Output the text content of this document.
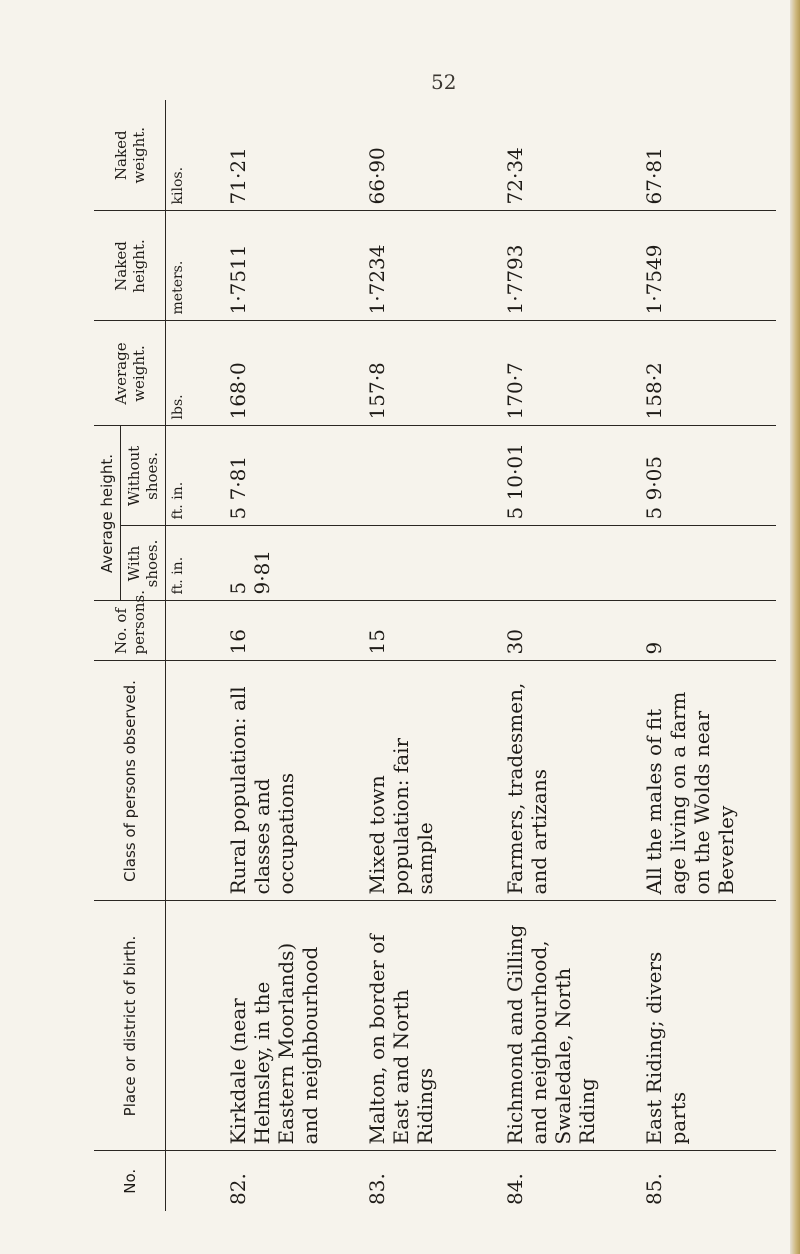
52
No.	Place or district of birth.	Class of persons observed.	No. of persons.	Average height.		Average weight.	Naked height.	Naked weight.
				With shoes.	Without shoes.			
				ft. in.	ft. in.	lbs.	meters.	kilos.
82.	Kirkdale (near Helmsley, in the Eastern Moorlands) and neighbourhood	Rural population: all classes and occupations	16	5 9·81	5 7·81	168·0	1·7511	71·21
83.	Malton, on border of East and North Ridings	Mixed town population: fair sample	15			157·8	1·7234	66·90
84.	Richmond and Gilling and neighbourhood, Swaledale, North Riding	Farmers, tradesmen, and artizans	30		5 10·01	170·7	1·7793	72·34
85.	East Riding; divers parts	All the males of fit age living on a farm on the Wolds near Beverley	9		5 9·05	158·2	1·7549	67·81
